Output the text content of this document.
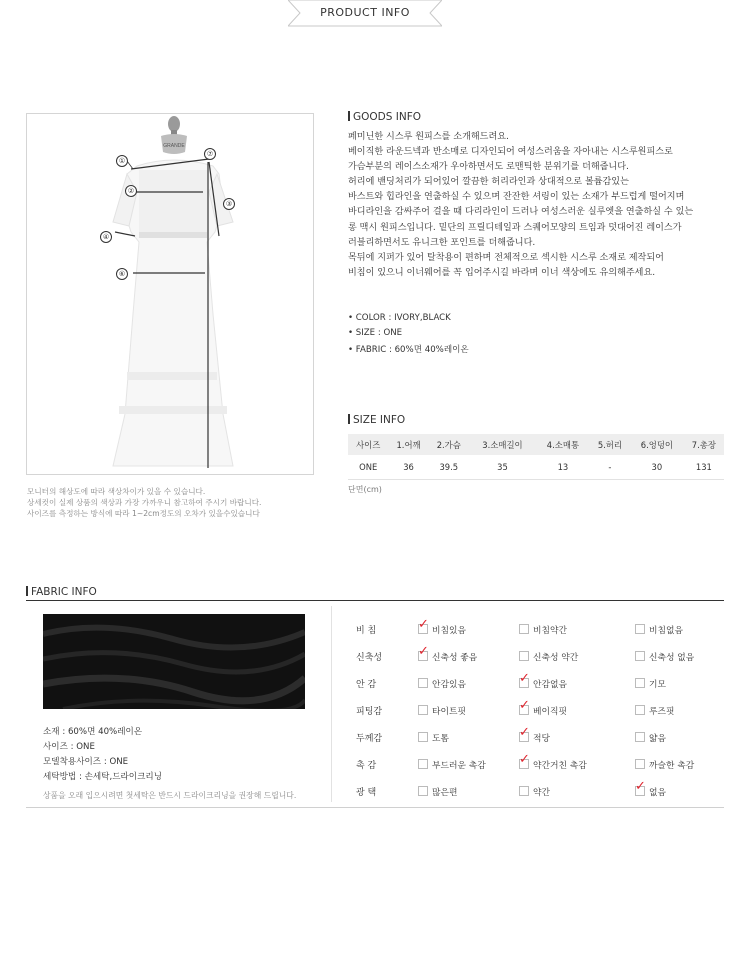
PRODUCT INFO
GRANDE
①
②
③
④
⑥
⑦
모니터의 해상도에 따라 색상차이가 있을 수 있습니다.
상세컷이 실제 상품의 색상과 가장 가까우니 참고하여 주시기 바랍니다.
사이즈를 측정하는 방식에 따라 1~2cm정도의 오차가 있을수있습니다
GOODS INFO
페미닌한 시스루 원피스를 소개해드려요.
베이직한 라운드넥과 반소매로 디자인되어 여성스러움을 자아내는 시스루원피스로
가슴부분의 레이스소재가 우아하면서도 로맨틱한 분위기를 더해줍니다.
허리에 밴딩처리가 되어있어 깔끔한 허리라인과 상대적으로 볼륨감있는
바스트와 힙라인을 연출하실 수 있으며 잔잔한 셔링이 있는 소재가 부드럽게 떨어지며
바디라인을 감싸주어 걸을 때 다리라인이 드러나 여성스러운 실루엣을 연출하실 수 있는
롱 맥시 원피스입니다. 밑단의 프릴디테일과 스퀘어모양의 트임과 덧대어진 레이스가
러블리하면서도 유니크한 포인트를 더해줍니다.
목뒤에 지퍼가 있어 탈착용이 편하며 전체적으로 섹시한 시스루 소재로 제작되어
비침이 있으니 이너웨어를 꼭 입어주시길 바라며 이너 색상에도 유의해주세요.
• COLOR : IVORY,BLACK
• SIZE : ONE
• FABRIC : 60%면 40%레이온
SIZE INFO
사이즈	1.어깨	2.가슴	3.소매길이	4.소매통	5.허리	6.엉덩이	7.총장
ONE	36	39.5	35	13	-	30	131
단면(cm)
FABRIC INFO
소재 : 60%면 40%레이온
사이즈 : ONE
모델착용사이즈 : ONE
세탁방법 : 손세탁,드라이크리닝
상품을 오래 입으시려면 첫세탁은 반드시 드라이크리닝을 권장해 드립니다.
비 침 ✓	비침있음	비침약간	비침없음
신축성 ✓	신축성 좋음	신축성 약간	신축성 없음
안 감	안감있음 ✓	안감없음	기모
피팅감	타이트핏 ✓	베이직핏	루즈핏
두께감	도톰 ✓	적당	얇음
촉 감	부드러운 촉감 ✓	약간거친 촉감	까슬한 촉감
광 택	많은편	약간 ✓	없음
